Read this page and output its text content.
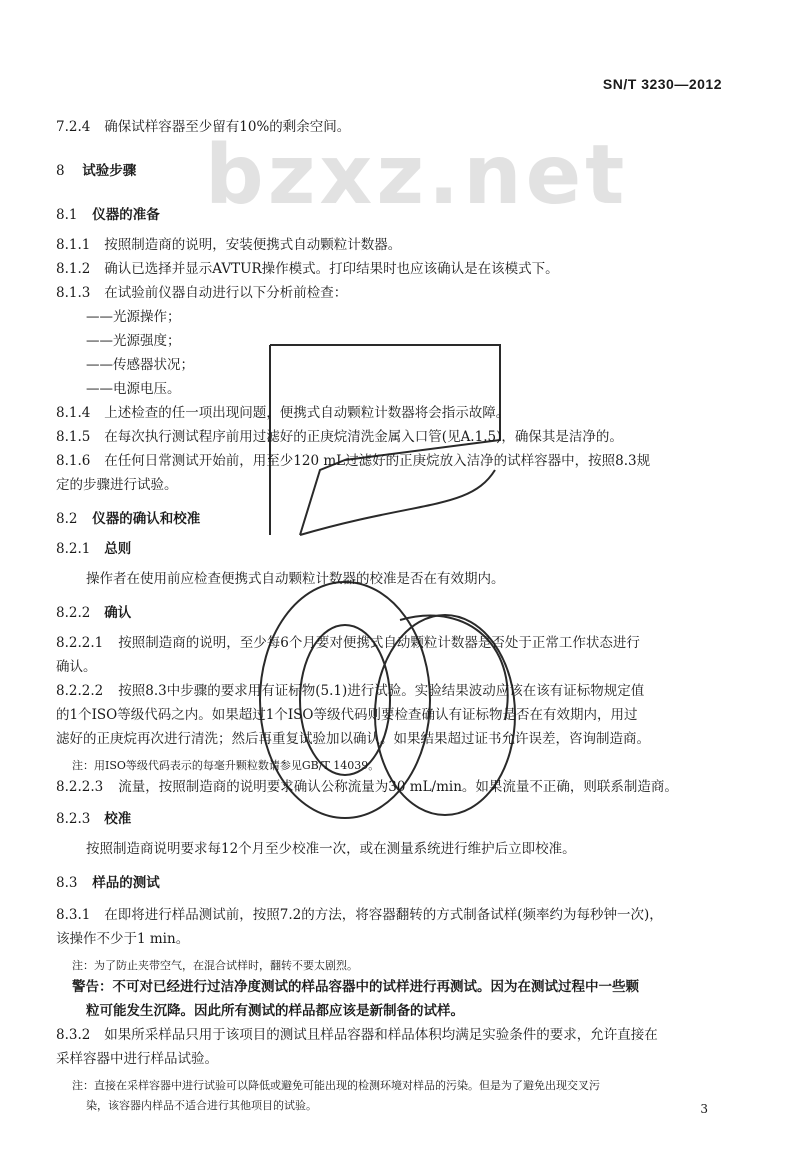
bzxz.net
SN/T 3230—2012
7.2.4 确保试样容器至少留有10%的剩余空间。
8 试验步骤
8.1 仪器的准备
8.1.1 按照制造商的说明，安装便携式自动颗粒计数器。
8.1.2 确认已选择并显示AVTUR操作模式。打印结果时也应该确认是在该模式下。
8.1.3 在试验前仪器自动进行以下分析前检查：
——光源操作；
——光源强度；
——传感器状况；
——电源电压。
8.1.4 上述检查的任一项出现问题，便携式自动颗粒计数器将会指示故障。
8.1.5 在每次执行测试程序前用过滤好的正庚烷清洗金属入口管(见A.1.5)，确保其是洁净的。
8.1.6 在任何日常测试开始前，用至少120 mL过滤好的正庚烷放入洁净的试样容器中，按照8.3规
定的步骤进行试验。
8.2 仪器的确认和校准
8.2.1 总则
操作者在使用前应检查便携式自动颗粒计数器的校准是否在有效期内。
8.2.2 确认
8.2.2.1 按照制造商的说明，至少每6个月要对便携式自动颗粒计数器是否处于正常工作状态进行
确认。
8.2.2.2 按照8.3中步骤的要求用有证标物(5.1)进行试验。实验结果波动应该在该有证标物规定值
的1个ISO等级代码之内。如果超过1个ISO等级代码则要检查确认有证标物是否在有效期内，用过
滤好的正庚烷再次进行清洗；然后再重复试验加以确认。如果结果超过证书允许误差，咨询制造商。
注：用ISO等级代码表示的每毫升颗粒数请参见GB/T 14039。
8.2.2.3 流量，按照制造商的说明要求确认公称流量为30 mL/min。如果流量不正确，则联系制造商。
8.2.3 校准
按照制造商说明要求每12个月至少校准一次，或在测量系统进行维护后立即校准。
8.3 样品的测试
8.3.1 在即将进行样品测试前，按照7.2的方法，将容器翻转的方式制备试样(频率约为每秒钟一次)，
该操作不少于1 min。
注：为了防止夹带空气，在混合试样时，翻转不要太剧烈。
警告：不可对已经进行过洁净度测试的样品容器中的试样进行再测试。因为在测试过程中一些颗
粒可能发生沉降。因此所有测试的样品都应该是新制备的试样。
8.3.2 如果所采样品只用于该项目的测试且样品容器和样品体积均满足实验条件的要求，允许直接在
采样容器中进行样品试验。
注：直接在采样容器中进行试验可以降低或避免可能出现的检测环境对样品的污染。但是为了避免出现交叉污
染，该容器内样品不适合进行其他项目的试验。	3
